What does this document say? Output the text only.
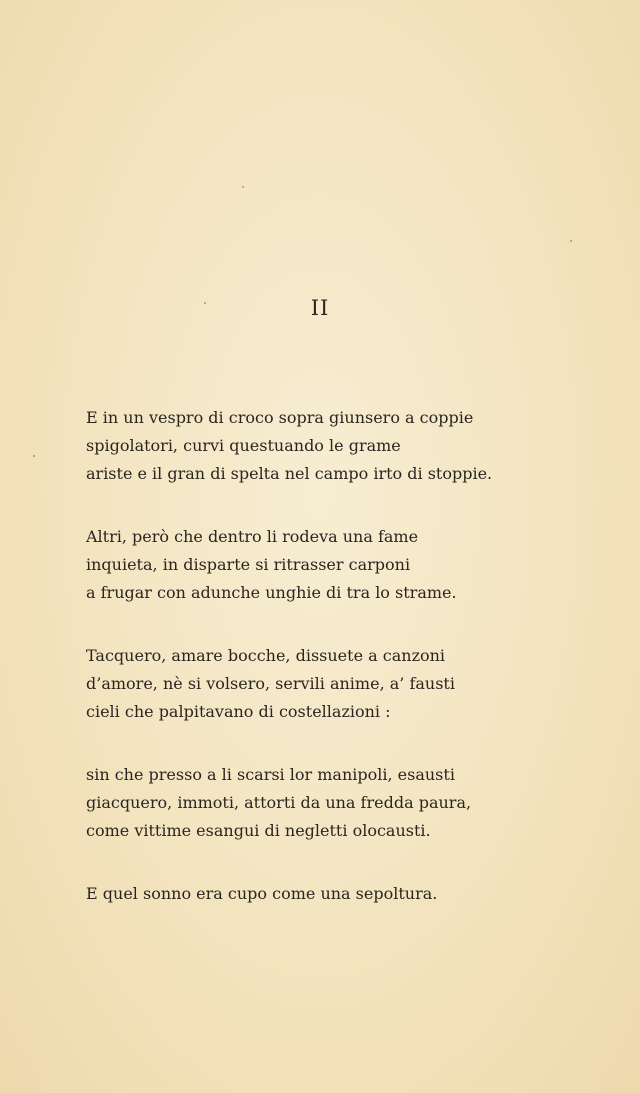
II
E in un vespro di croco sopra giunsero a coppie
spigolatori, curvi questuando le grame
ariste e il gran di spelta nel campo irto di stoppie.
Altri, però che dentro li rodeva una fame
inquieta, in disparte si ritrasser carponi
a frugar con adunche unghie di tra lo strame.
Tacquero, amare bocche, dissuete a canzoni
d’amore, nè si volsero, servili anime, a’ fausti
cieli che palpitavano di costellazioni :
sin che presso a li scarsi lor manipoli, esausti
giacquero, immoti, attorti da una fredda paura,
come vittime esangui di negletti olocausti.
E quel sonno era cupo come una sepoltura.
